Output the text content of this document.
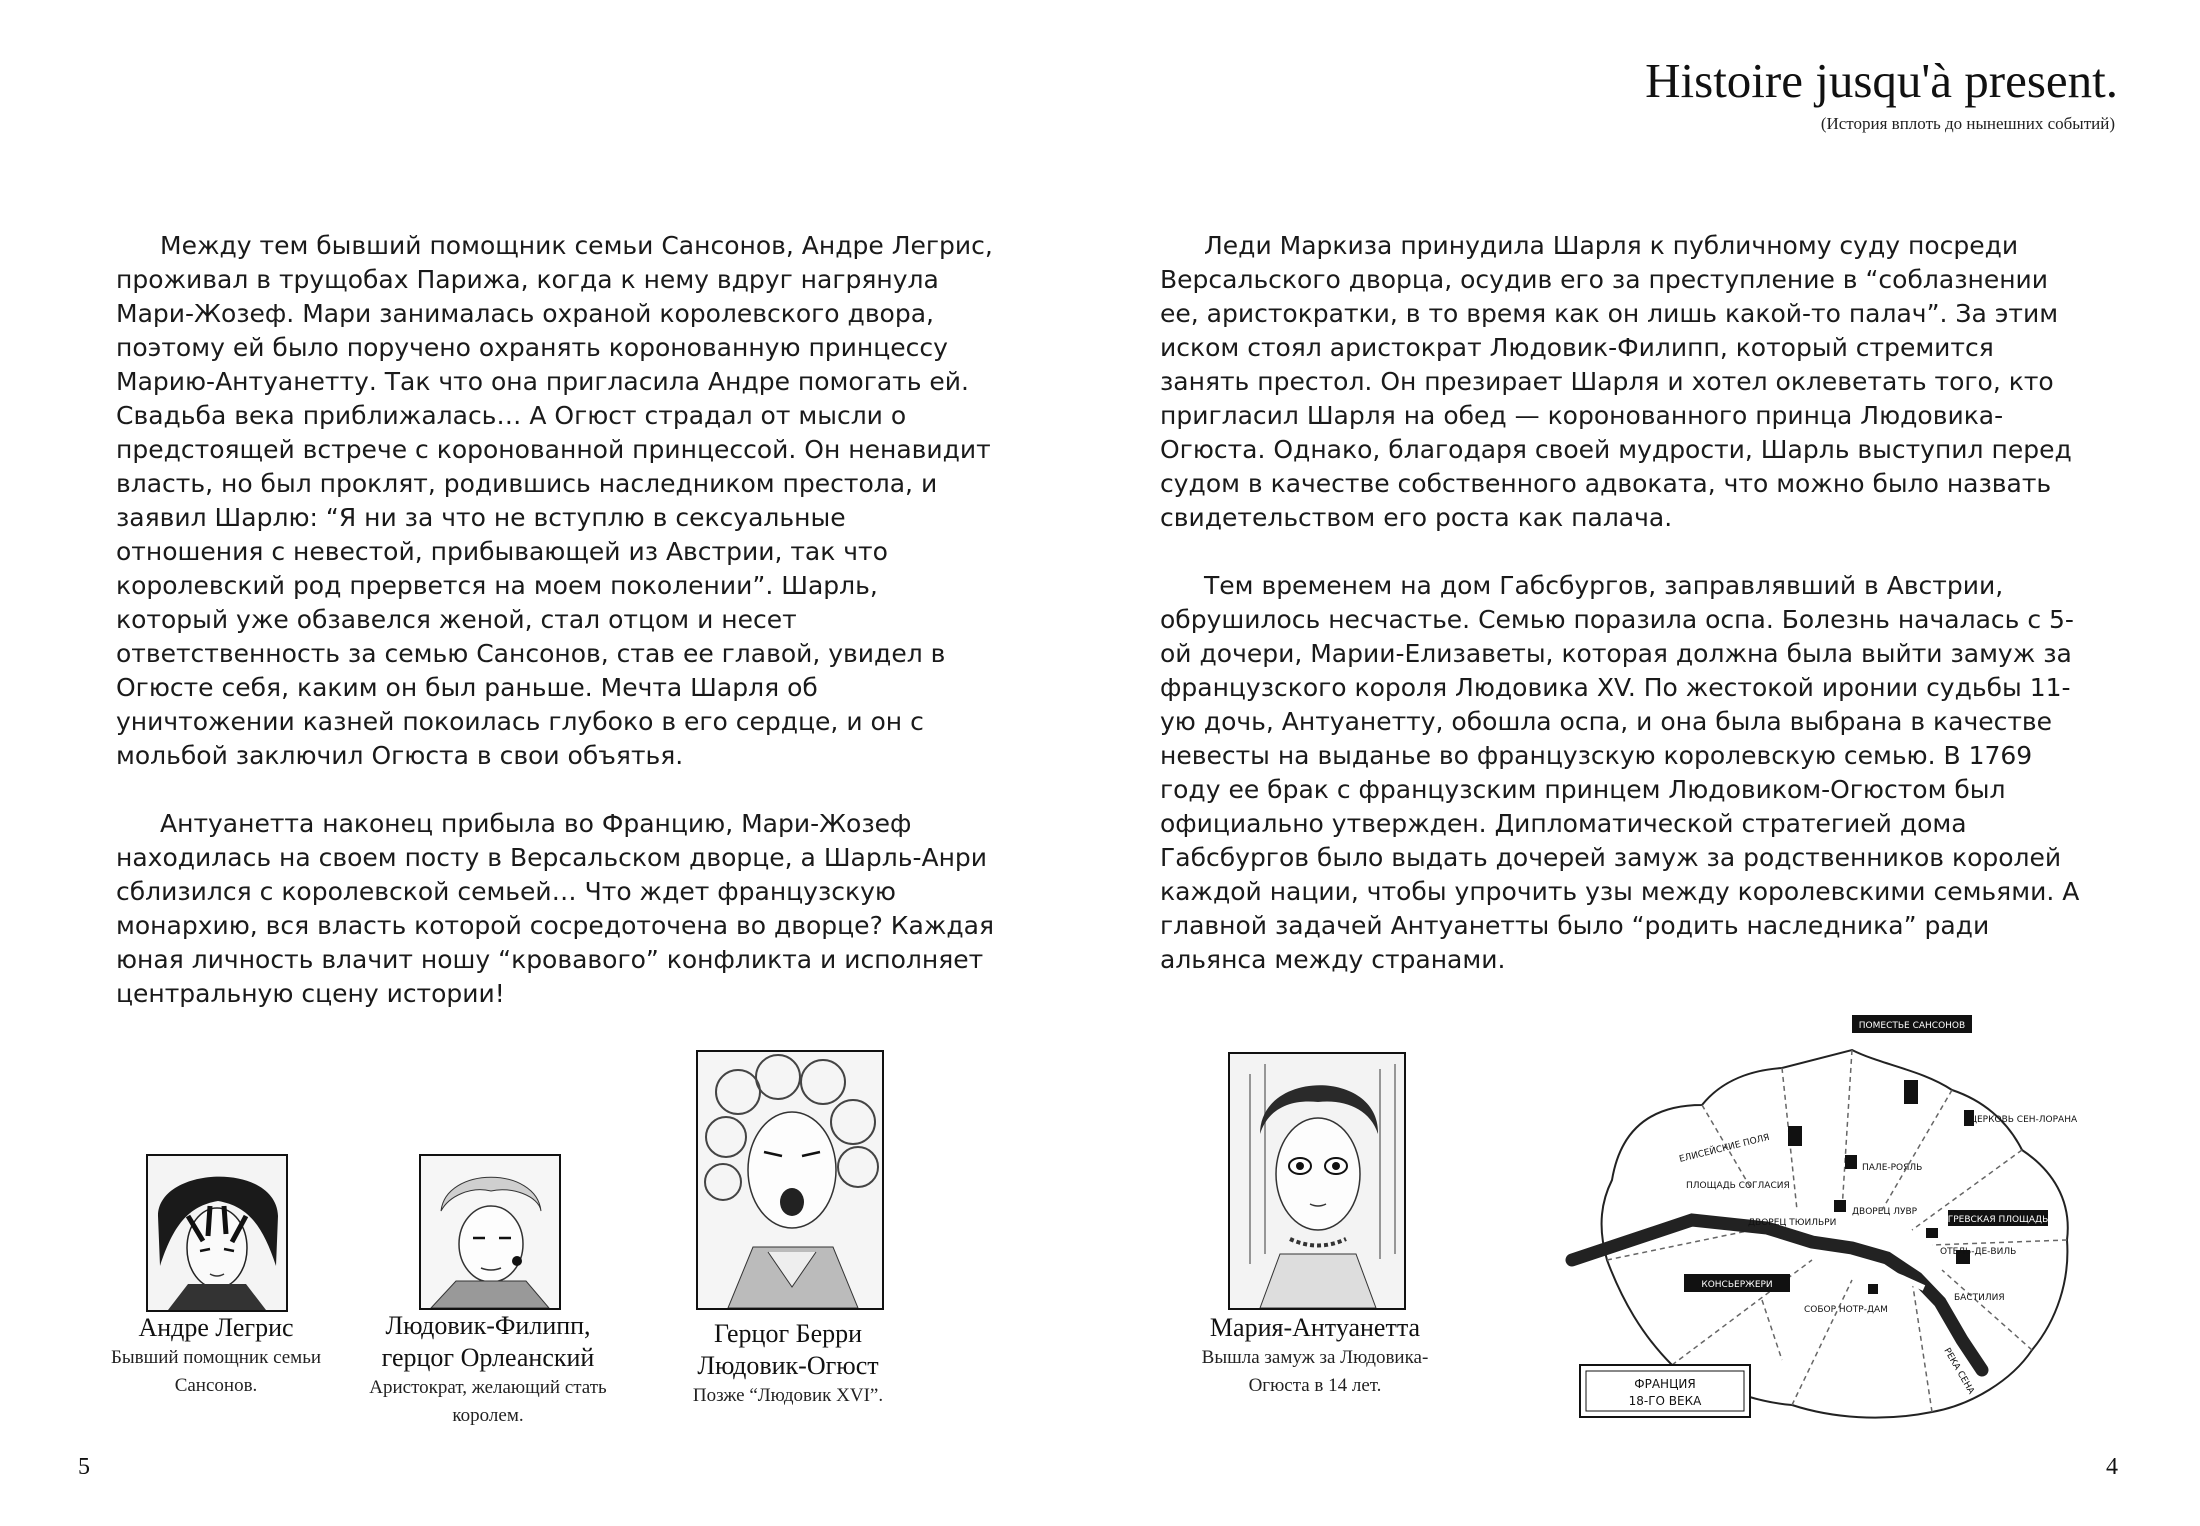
Histoire jusqu'à present.
(История вплоть до нынешних событий)

Между тем бывший помощник семьи Сансонов, Андре Легрис, проживал в трущобах Парижа, когда к нему вдруг нагрянула Мари-Жозеф. Мари занималась охраной королевского двора, поэтому ей было поручено охранять коронованную принцессу Марию-Антуанетту. Так что она пригласила Андре помогать ей. Свадьба века приближалась… А Огюст страдал от мысли о предстоящей встрече с коронованной принцессой. Он ненавидит власть, но был проклят, родившись наследником престола, и заявил Шарлю: “Я ни за что не вступлю в сексуальные отношения с невестой, прибывающей из Австрии, так что королевский род прервется на моем поколении”. Шарль, который уже обзавелся женой, стал отцом и несет ответственность за семью Сансонов, став ее главой, увидел в Огюсте себя, каким он был раньше. Мечта Шарля об уничтожении казней покоилась глубоко в его сердце, и он с мольбой заключил Огюста в свои объятья.

Антуанетта наконец прибыла во Францию, Мари-Жозеф находилась на своем посту в Версальском дворце, а Шарль-Анри сблизился с королевской семьей… Что ждет французскую монархию, вся власть которой сосредоточена во дворце? Каждая юная личность влачит ношу “кровавого” конфликта и исполняет центральную сцену истории!

Леди Маркиза принудила Шарля к публичному суду посреди Версальского дворца, осудив его за преступление в “соблазнении ее, аристократки, в то время как он лишь какой-то палач”. За этим иском стоял аристократ Людовик-Филипп, который стремится занять престол. Он презирает Шарля и хотел оклеветать того, кто пригласил Шарля на обед — коронованного принца Людовика-Огюста. Однако, благодаря своей мудрости, Шарль выступил перед судом в качестве собственного адвоката, что можно было назвать свидетельством его роста как палача.

Тем временем на дом Габсбургов, заправлявший в Австрии, обрушилось несчастье. Семью поразила оспа. Болезнь началась с 5-ой дочери, Марии-Елизаветы, которая должна была выйти замуж за французского короля Людовика XV. По жестокой иронии судьбы 11-ую дочь, Антуанетту, обошла оспа, и она была выбрана в качестве невесты на выданье во французскую королевскую семью. В 1769 году ее брак с французским принцем Людовиком-Огюстом был официально утвержден. Дипломатической стратегией дома Габсбургов было выдать дочерей замуж за родственников королей каждой нации, чтобы упрочить узы между королевскими семьями. А главной задачей Антуанетты было “родить наследника” ради альянса между странами.

Андре Легрис
Бывший помощник семьи Сансонов.
Людовик-Филипп, герцог Орлеанский
Аристократ, желающий стать королем.
Герцог Берри Людовик-Огюст
Позже “Людовик XVI”.
Мария-Антуанетта
Вышла замуж за Людовика-Огюста в 14 лет.
ПОМЕСТЬЕ САНСОНОВ
ЦЕРКОВЬ СЕН-ЛОРАНА
ЕЛИСЕЙСКИЕ ПОЛЯ
ПЛОЩАДЬ СОГЛАСИЯ
ПАЛЕ-РОЯЛЬ
ГРЕВСКАЯ ПЛОЩАДЬ
ДВОРЕЦ ТЮИЛЬРИ
ДВОРЕЦ ЛУВР
ОТЕЛЬ-ДЕ-ВИЛЬ
КОНСЬЕРЖЕРИ
СОБОР НОТР-ДАМ
БАСТИЛИЯ
РЕКА СЕНА
ФРАНЦИЯ
18-ГО ВЕКА
5	4
